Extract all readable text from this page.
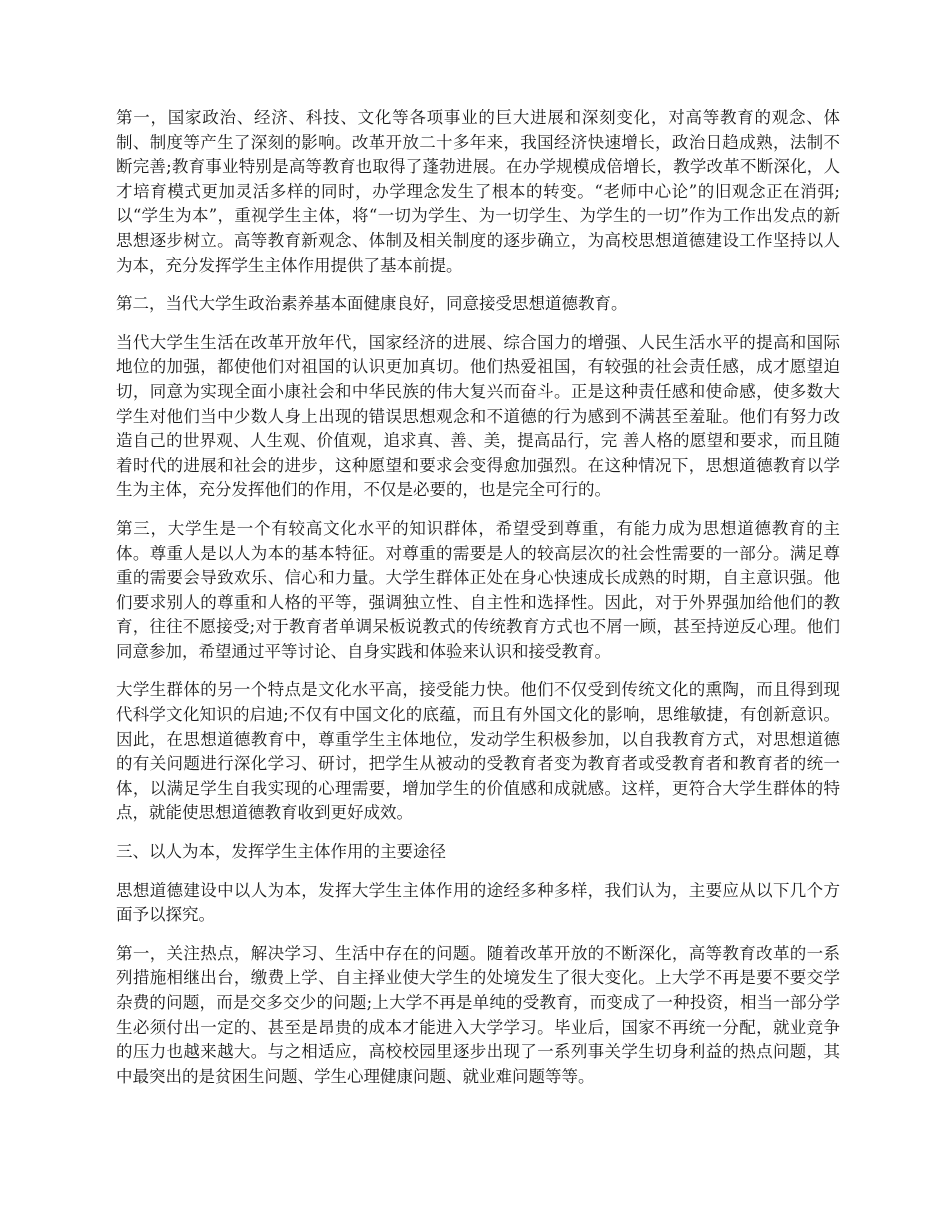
第一，国家政治、经济、科技、文化等各项事业的巨大进展和深刻变化，对高等教育的观念、体制、制度等产生了深刻的影响。改革开放二十多年来，我国经济快速增长，政治日趋成熟，法制不断完善;教育事业特别是高等教育也取得了蓬勃进展。在办学规模成倍增长，教学改革不断深化，人才培育模式更加灵活多样的同时，办学理念发生了根本的转变。“老师中心论”的旧观念正在消弭;以“学生为本”，重视学生主体，将“一切为学生、为一切学生、为学生的一切”作为工作出发点的新思想逐步树立。高等教育新观念、体制及相关制度的逐步确立，为高校思想道德建设工作坚持以人为本，充分发挥学生主体作用提供了基本前提。

第二，当代大学生政治素养基本面健康良好，同意接受思想道德教育。

当代大学生生活在改革开放年代，国家经济的进展、综合国力的增强、人民生活水平的提高和国际地位的加强，都使他们对祖国的认识更加真切。他们热爱祖国，有较强的社会责任感，成才愿望迫切，同意为实现全面小康社会和中华民族的伟大复兴而奋斗。正是这种责任感和使命感，使多数大学生对他们当中少数人身上出现的错误思想观念和不道德的行为感到不满甚至羞耻。他们有努力改造自己的世界观、人生观、价值观，追求真、善、美，提高品行，完 善人格的愿望和要求，而且随着时代的进展和社会的进步，这种愿望和要求会变得愈加强烈。在这种情况下，思想道德教育以学生为主体，充分发挥他们的作用，不仅是必要的，也是完全可行的。

第三，大学生是一个有较高文化水平的知识群体，希望受到尊重，有能力成为思想道德教育的主体。尊重人是以人为本的基本特征。对尊重的需要是人的较高层次的社会性需要的一部分。满足尊重的需要会导致欢乐、信心和力量。大学生群体正处在身心快速成长成熟的时期，自主意识强。他们要求别人的尊重和人格的平等，强调独立性、自主性和选择性。因此，对于外界强加给他们的教育，往往不愿接受;对于教育者单调呆板说教式的传统教育方式也不屑一顾，甚至持逆反心理。他们同意参加，希望通过平等讨论、自身实践和体验来认识和接受教育。

大学生群体的另一个特点是文化水平高，接受能力快。他们不仅受到传统文化的熏陶，而且得到现代科学文化知识的启迪;不仅有中国文化的底蕴，而且有外国文化的影响，思维敏捷，有创新意识。因此，在思想道德教育中，尊重学生主体地位，发动学生积极参加，以自我教育方式，对思想道德的有关问题进行深化学习、研讨，把学生从被动的受教育者变为教育者或受教育者和教育者的统一体，以满足学生自我实现的心理需要，增加学生的价值感和成就感。这样，更符合大学生群体的特点，就能使思想道德教育收到更好成效。

三、以人为本，发挥学生主体作用的主要途径

思想道德建设中以人为本，发挥大学生主体作用的途经多种多样，我们认为，主要应从以下几个方面予以探究。

第一，关注热点，解决学习、生活中存在的问题。随着改革开放的不断深化，高等教育改革的一系列措施相继出台，缴费上学、自主择业使大学生的处境发生了很大变化。上大学不再是要不要交学杂费的问题，而是交多交少的问题;上大学不再是单纯的受教育，而变成了一种投资，相当一部分学生必须付出一定的、甚至是昂贵的成本才能进入大学学习。毕业后，国家不再统一分配，就业竞争的压力也越来越大。与之相适应，高校校园里逐步出现了一系列事关学生切身利益的热点问题，其中最突出的是贫困生问题、学生心理健康问题、就业难问题等等。
